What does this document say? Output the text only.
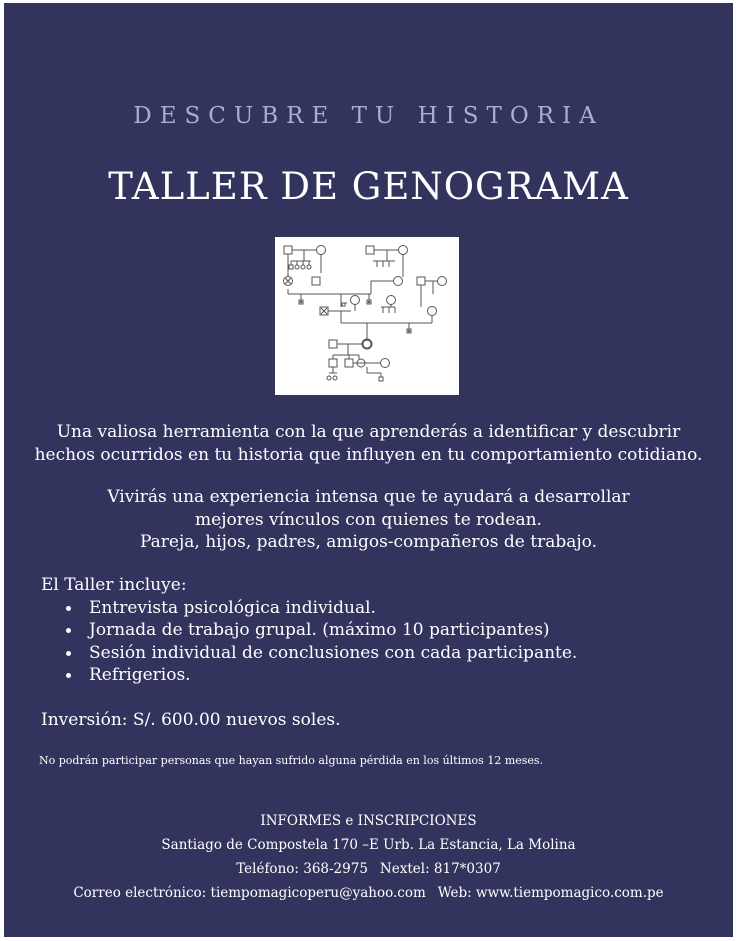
DESCUBRE TU HISTORIA
TALLER DE GENOGRAMA
Una valiosa herramienta con la que aprenderás a identificar y descubrir
hechos ocurridos en tu historia que influyen en tu comportamiento cotidiano.
Vivirás una experiencia intensa que te ayudará a desarrollar
mejores vínculos con quienes te rodean.
Pareja, hijos, padres, amigos-compañeros de trabajo.
El Taller incluye:
Entrevista psicológica individual.
Jornada de trabajo grupal. (máximo 10 participantes)
Sesión individual de conclusiones con cada participante.
Refrigerios.
Inversión: S/. 600.00 nuevos soles.
No podrán participar personas que hayan sufrido alguna pérdida en los últimos 12 meses.
INFORMES e INSCRIPCIONES
Santiago de Compostela 170 –E Urb. La Estancia, La Molina
Teléfono: 368-2975 Nextel: 817*0307
Correo electrónico: tiempomagicoperu@yahoo.com Web: www.tiempomagico.com.pe
